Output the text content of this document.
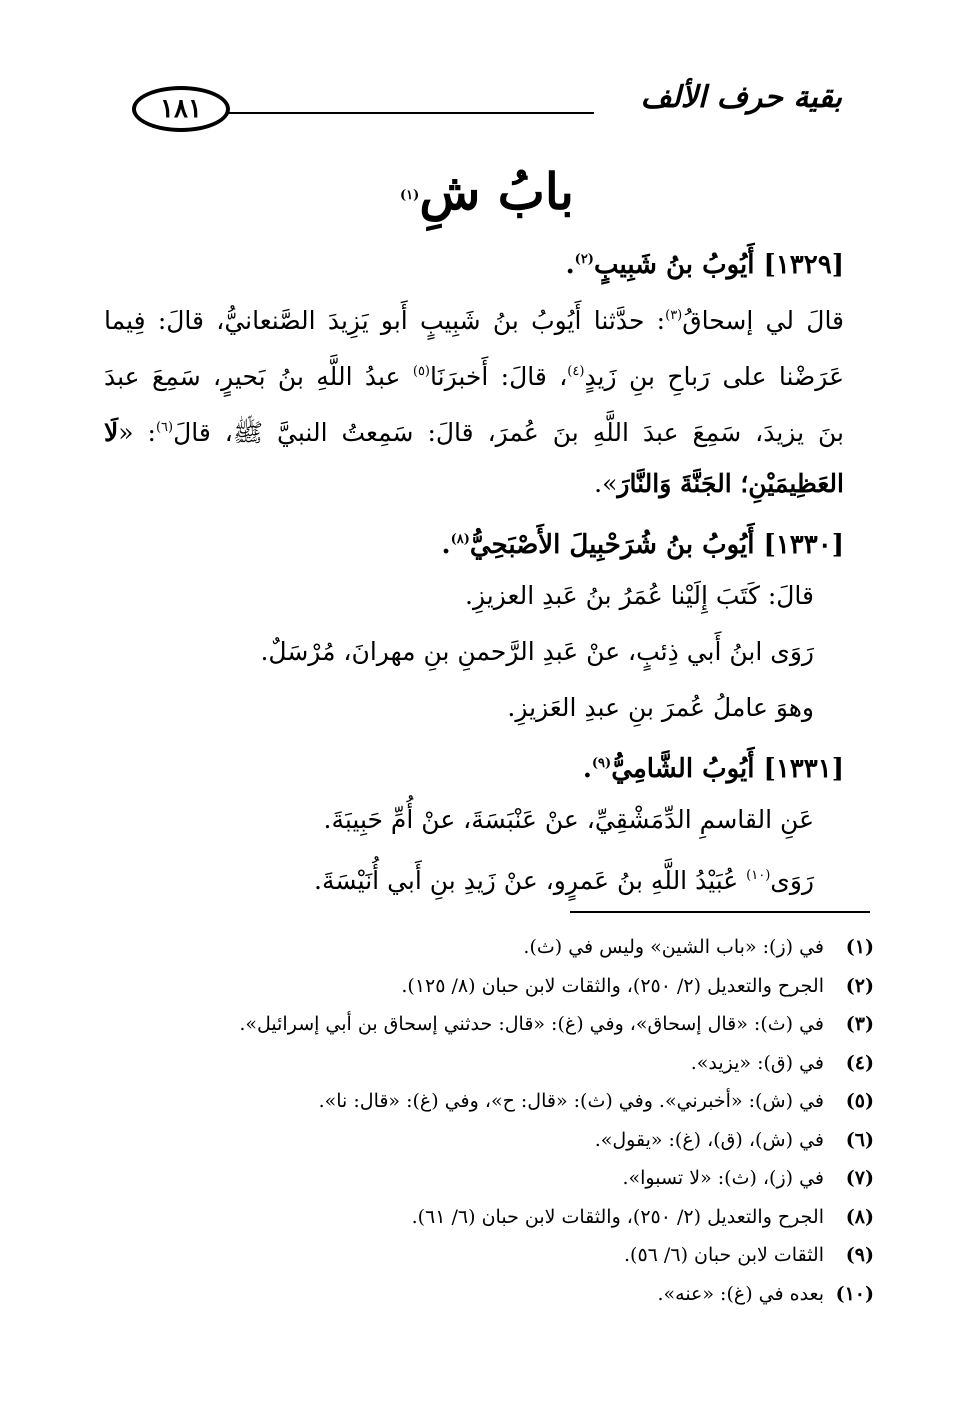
١٨١	بقية حرف الألف
بابُ شِ$^{(١)}$
[١٣٢٩] أَيُوبُ بنُ شَبِيبٍ$^{(٢)}$.
قالَ لي إسحاقُ$^{(٣)}$: حدَّثنا أَيُوبُ بنُ شَبِيبٍ أَبو يَزِيدَ الصَّنعانيُّ، قالَ: فِيما
عَرَضْنا على رَباحِ بنِ زَيدٍ$^{(٤)}$، قالَ: أَخبرَنَا$^{(٥)}$ عبدُ اللَّهِ بنُ بَحيرٍ، سَمِعَ عبدَ
بنَ يزيدَ، سَمِعَ عبدَ اللَّهِ بنَ عُمرَ، قالَ: سَمِعتُ النبيَّ ﷺ، قالَ$^{(٦)}$: «لَا
العَظِيمَيْنِ؛ الجَنَّةَ وَالنَّارَ».
[١٣٣٠] أَيُوبُ بنُ شُرَحْبِيلَ الأَصْبَحِيُّ$^{(٨)}$.
قالَ: كَتَبَ إِلَيْنا عُمَرُ بنُ عَبدِ العزيزِ.
رَوَى ابنُ أَبي ذِئبٍ، عنْ عَبدِ الرَّحمنِ بنِ مهرانَ، مُرْسَلٌ.
وهوَ عاملُ عُمرَ بنِ عبدِ العَزيزِ.
[١٣٣١] أَيُوبُ الشَّامِيُّ$^{(٩)}$.
عَنِ القاسمِ الدِّمَشْقِيِّ، عنْ عَنْبَسَةَ، عنْ أُمِّ حَبِيبَةَ.
رَوَى$^{(١٠)}$ عُبَيْدُ اللَّهِ بنُ عَمرٍو، عنْ زَيدِ بنِ أَبي أُنَيْسَةَ.
(١)في (ز): «باب الشين» وليس في (ث).
(٢)الجرح والتعديل (٢/ ٢٥٠)، والثقات لابن حبان (٨/ ١٢٥).
(٣)في (ث): «قال إسحاق»، وفي (غ): «قال: حدثني إسحاق بن أبي إسرائيل».
(٤)في (ق): «يزيد».
(٥)في (ش): «أخبرني». وفي (ث): «قال: ح»، وفي (غ): «قال: نا».
(٦)في (ش)، (ق)، (غ): «يقول».
(٧)في (ز)، (ث): «لا تسبوا».
(٨)الجرح والتعديل (٢/ ٢٥٠)، والثقات لابن حبان (٦/ ٦١).
(٩)الثقات لابن حبان (٦/ ٥٦).
(١٠)بعده في (غ): «عنه».
